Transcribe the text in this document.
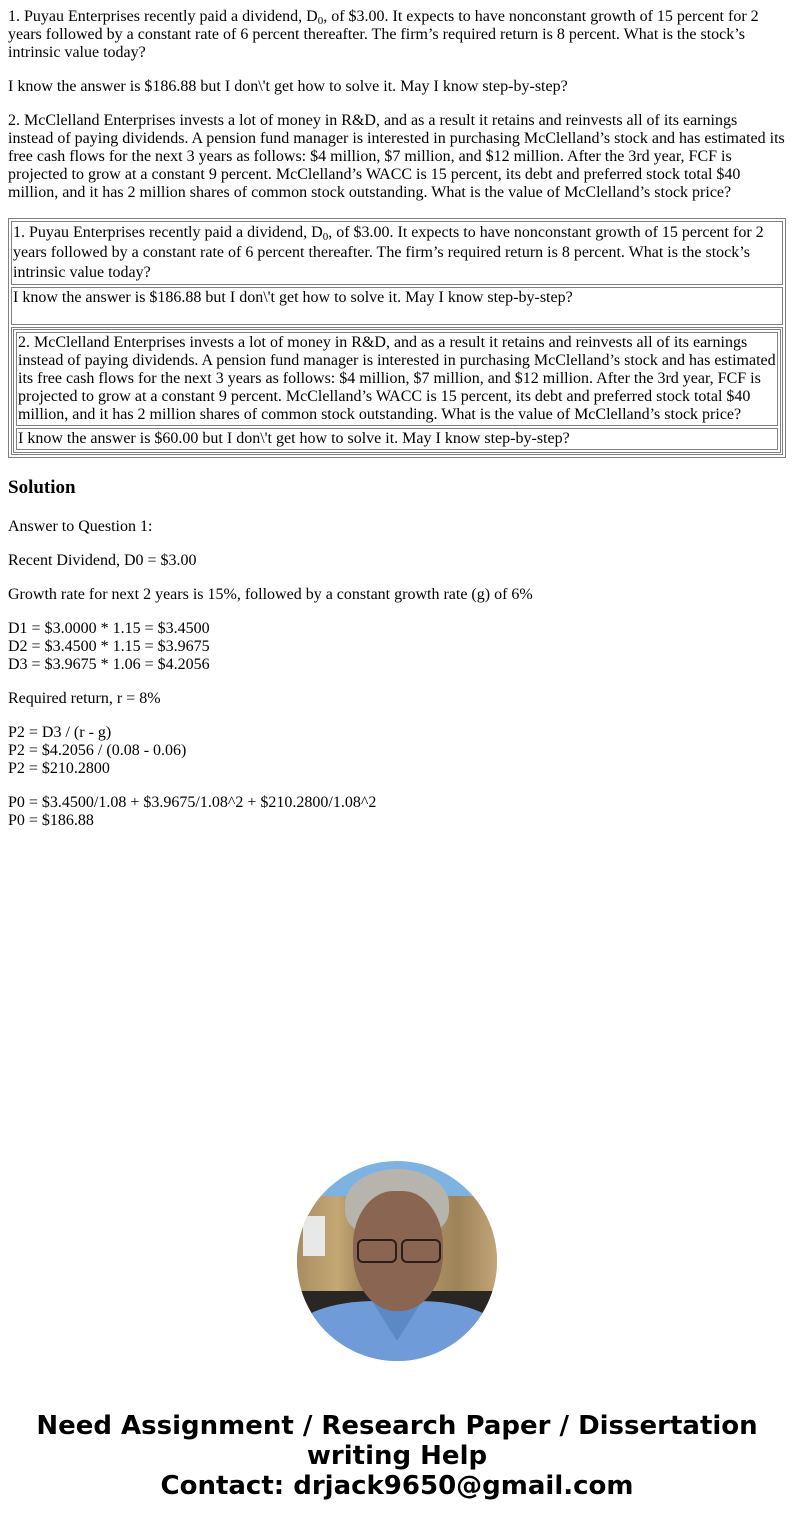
1. Puyau Enterprises recently paid a dividend, $D_0$, of $3.00. It expects to have nonconstant growth of 15 percent for 2 years followed by a constant rate of 6 percent thereafter. The firm’s required return is 8 percent. What is the stock’s intrinsic value today?

I know the answer is $186.88 but I don\'t get how to solve it. May I know step-by-step?

2. McClelland Enterprises invests a lot of money in R&D, and as a result it retains and reinvests all of its earnings instead of paying dividends. A pension fund manager is interested in purchasing McClelland’s stock and has estimated its free cash flows for the next 3 years as follows: $4 million, $7 million, and $12 million. After the 3rd year, FCF is projected to grow at a constant 9 percent. McClelland’s WACC is 15 percent, its debt and preferred stock total $40 million, and it has 2 million shares of common stock outstanding. What is the value of McClelland’s stock price?

1. Puyau Enterprises recently paid a dividend, $D_0$, of $3.00. It expects to have nonconstant growth of 15 percent for 2 years followed by a constant rate of 6 percent thereafter. The firm’s required return is 8 percent. What is the stock’s intrinsic value today?

I know the answer is $186.88 but I don\'t get how to solve it. May I know step-by-step?

2. McClelland Enterprises invests a lot of money in R&D, and as a result it retains and reinvests all of its earnings instead of paying dividends. A pension fund manager is interested in purchasing McClelland’s stock and has estimated its free cash flows for the next 3 years as follows: $4 million, $7 million, and $12 million. After the 3rd year, FCF is projected to grow at a constant 9 percent. McClelland’s WACC is 15 percent, its debt and preferred stock total $40 million, and it has 2 million shares of common stock outstanding. What is the value of McClelland’s stock price?
I know the answer is $60.00 but I don\'t get how to solve it. May I know step-by-step?
Solution

Answer to Question 1:

Recent Dividend, D0 = $3.00

Growth rate for next 2 years is 15%, followed by a constant growth rate (g) of 6%

D1 = $3.0000 * 1.15 = $3.4500
D2 = $3.4500 * 1.15 = $3.9675
D3 = $3.9675 * 1.06 = $4.2056

Required return, r = 8%

P2 = D3 / (r - g)
P2 = $4.2056 / (0.08 - 0.06)
P2 = $210.2800

P0 = $3.4500/1.08 + $3.9675/1.08^2 + $210.2800/1.08^2
P0 = $186.88

Need Assignment / Research Paper / Dissertation
writing Help
Contact: drjack9650@gmail.com
